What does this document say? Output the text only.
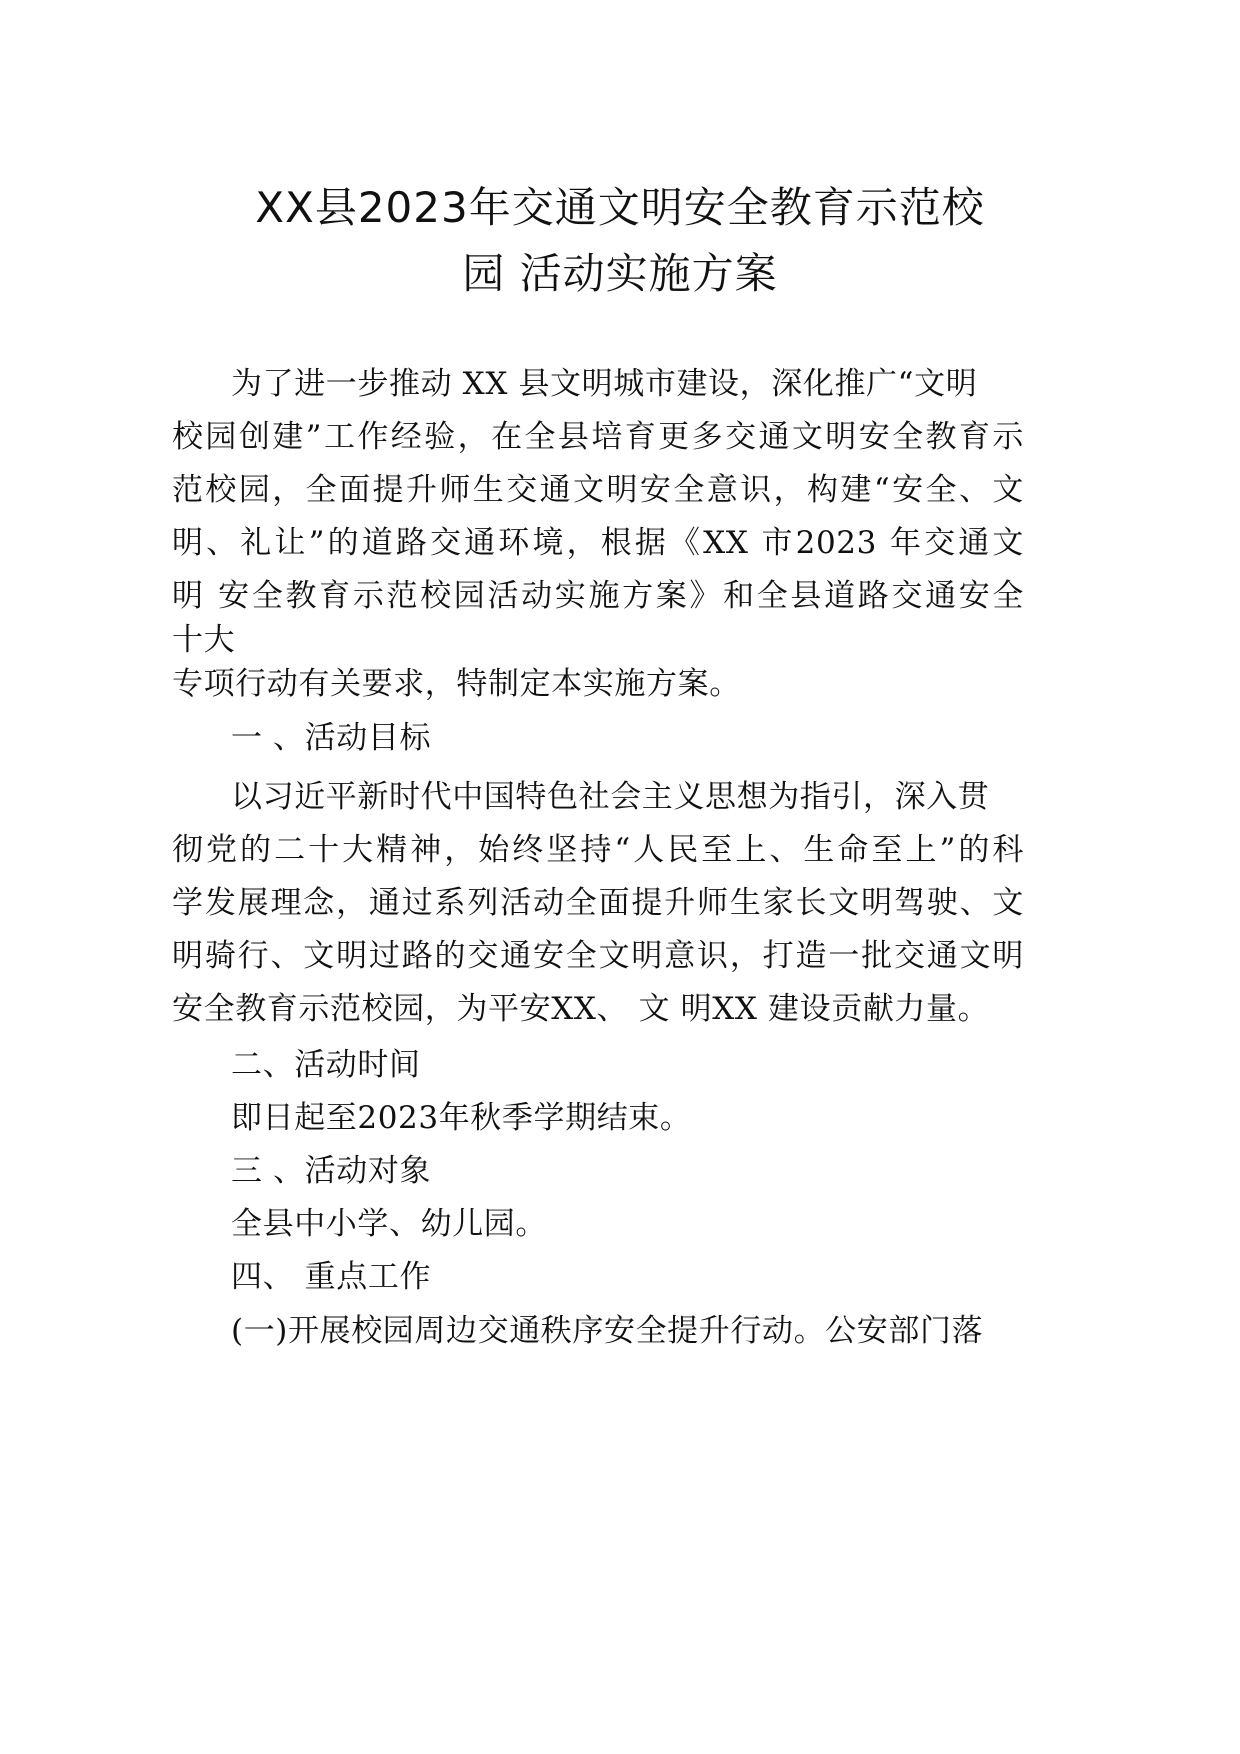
XX县2023年交通文明安全教育示范校
园 活动实施方案
为了进一步推动 XX 县文明城市建设，深化推广“文明
校园创建”工作经验，在全县培育更多交通文明安全教育示
范校园，全面提升师生交通文明安全意识，构建“安全、文
明、礼让”的道路交通环境，根据《XX 市2023 年交通文
明 安全教育示范校园活动实施方案》和全县道路交通安全
十大
专项行动有关要求，特制定本实施方案。
一 、活动目标
以习近平新时代中国特色社会主义思想为指引，深入贯
彻党的二十大精神，始终坚持“人民至上、生命至上”的科
学发展理念，通过系列活动全面提升师生家长文明驾驶、文
明骑行、文明过路的交通安全文明意识，打造一批交通文明
安全教育示范校园，为平安XX、 文 明XX 建设贡献力量。
二、活动时间
即日起至2023年秋季学期结束。
三 、活动对象
全县中小学、幼儿园。
四、 重点工作
(一)开展校园周边交通秩序安全提升行动。公安部门落
